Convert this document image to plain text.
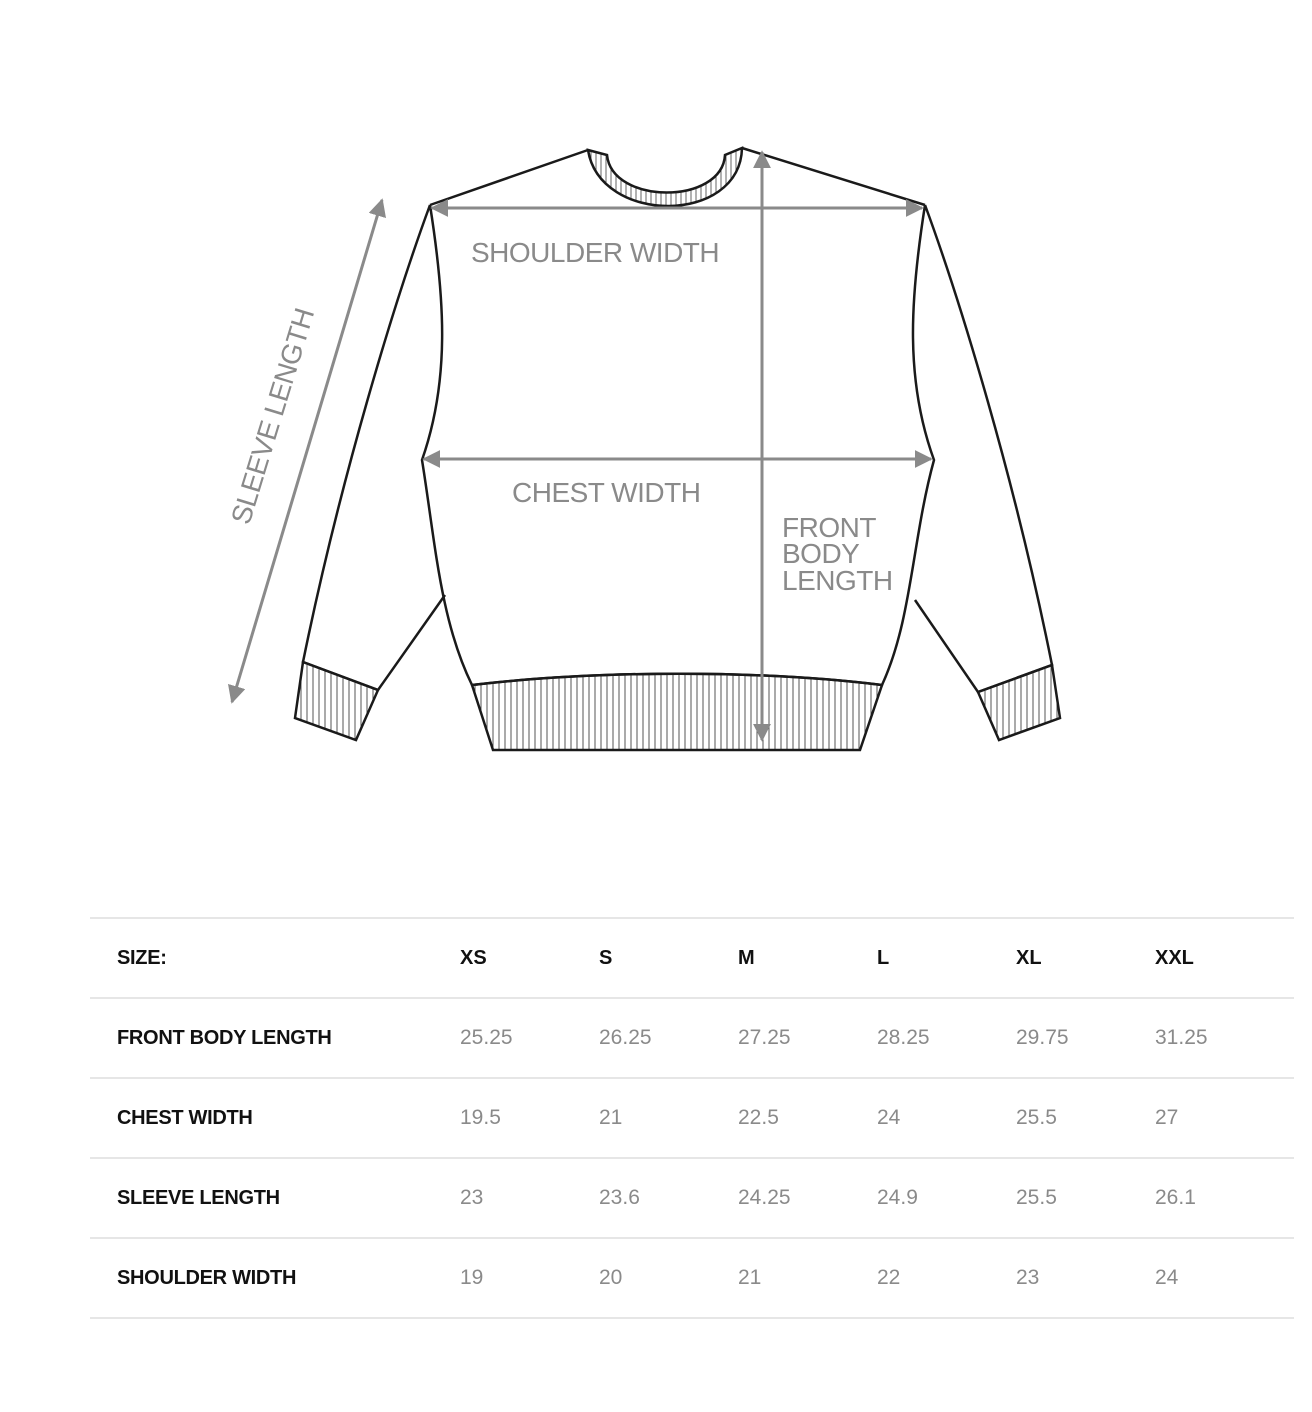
SHOULDER WIDTH
CHEST WIDTH
FRONT BODY LENGTH
SLEEVE LENGTH
SIZE:	XS	S	M	L	XL	XXL
FRONT BODY LENGTH	25.25	26.25	27.25	28.25	29.75	31.25
CHEST WIDTH	19.5	21	22.5	24	25.5	27
SLEEVE LENGTH	23	23.6	24.25	24.9	25.5	26.1
SHOULDER WIDTH	19	20	21	22	23	24
